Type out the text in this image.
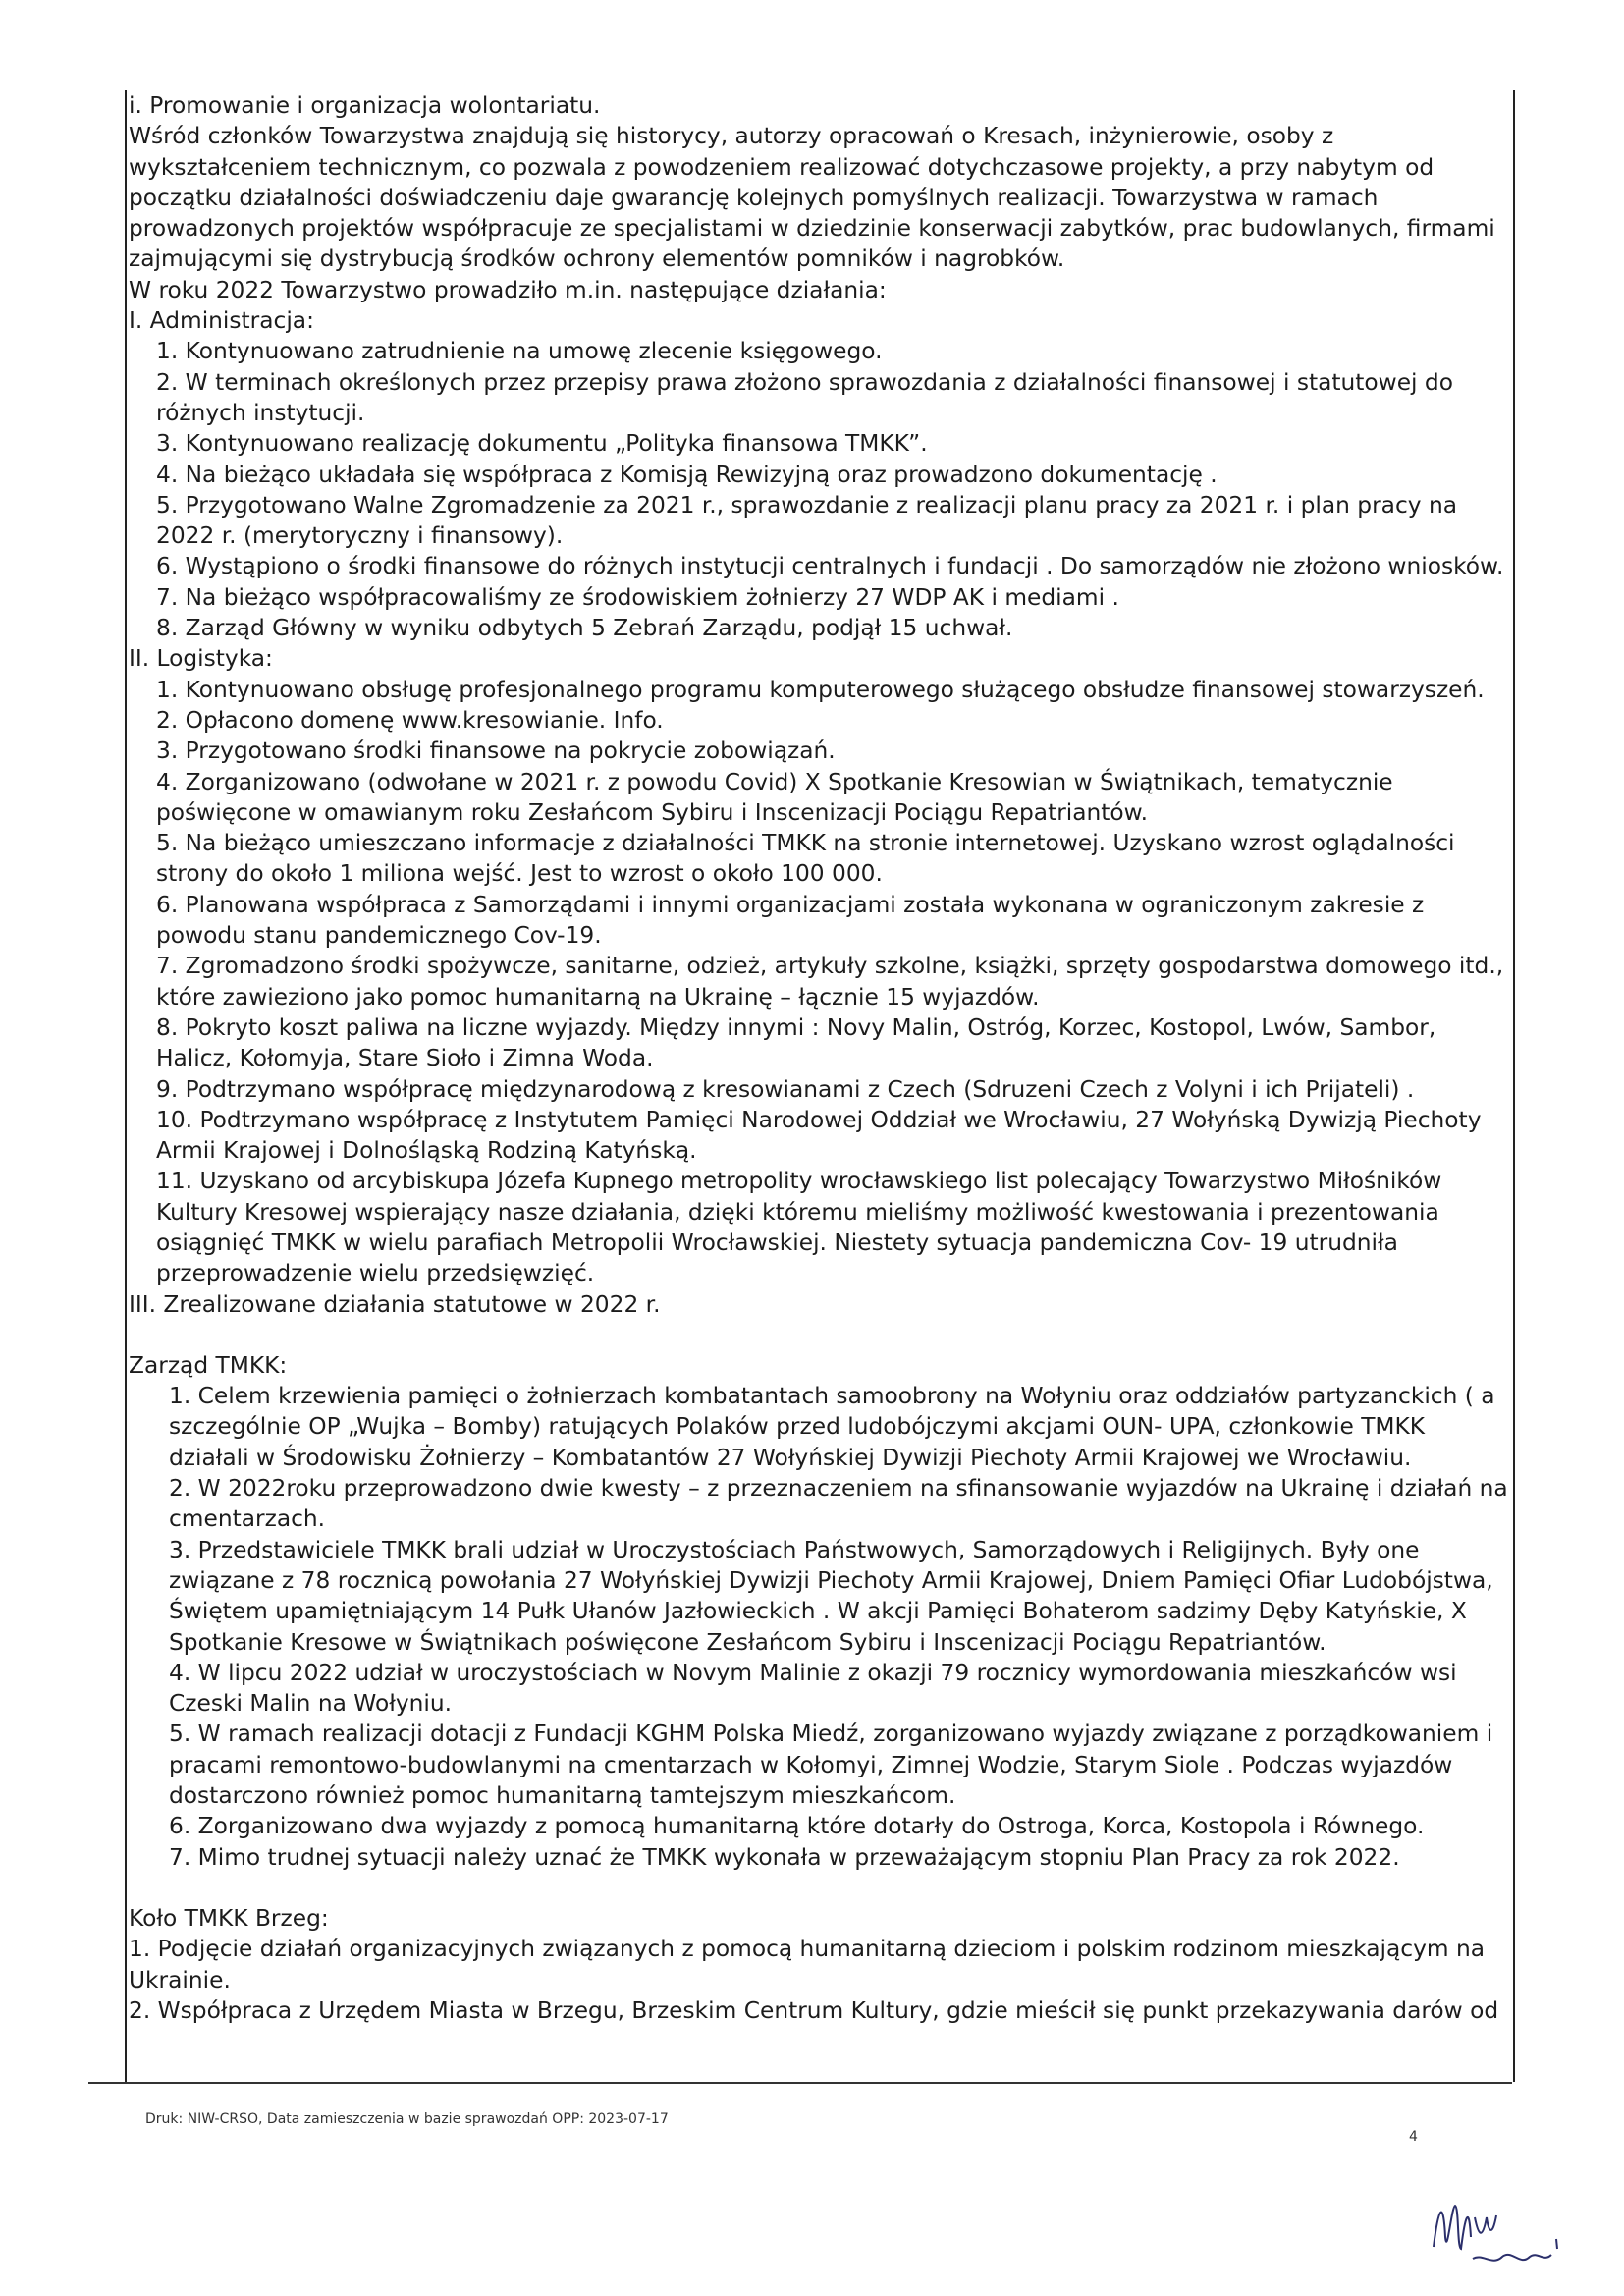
i. Promowanie i organizacja wolontariatu.

Wśród członków Towarzystwa znajdują się historycy, autorzy opracowań o Kresach, inżynierowie, osoby z wykształceniem technicznym, co pozwala z powodzeniem realizować dotychczasowe projekty, a przy nabytym od początku działalności doświadczeniu daje gwarancję kolejnych pomyślnych realizacji. Towarzystwa w ramach prowadzonych projektów współpracuje ze specjalistami w dziedzinie konserwacji zabytków, prac budowlanych, firmami zajmującymi się dystrybucją środków ochrony elementów pomników i nagrobków.

W roku 2022 Towarzystwo prowadziło m.in. następujące działania:

I. Administracja:

1. Kontynuowano zatrudnienie na umowę zlecenie księgowego.

2. W terminach określonych przez przepisy prawa złożono sprawozdania z działalności finansowej i statutowej do różnych instytucji.

3. Kontynuowano realizację dokumentu „Polityka finansowa TMKK”.

4. Na bieżąco układała się współpraca z Komisją Rewizyjną oraz prowadzono dokumentację .

5. Przygotowano Walne Zgromadzenie za 2021 r., sprawozdanie z realizacji planu pracy za 2021 r. i plan pracy na 2022 r. (merytoryczny i finansowy).

6. Wystąpiono o środki finansowe do różnych instytucji centralnych i fundacji . Do samorządów nie złożono wniosków.

7. Na bieżąco współpracowaliśmy ze środowiskiem żołnierzy 27 WDP AK i mediami .

8. Zarząd Główny w wyniku odbytych 5 Zebrań Zarządu, podjął 15 uchwał.

II. Logistyka:

1. Kontynuowano obsługę profesjonalnego programu komputerowego służącego obsłudze finansowej stowarzyszeń.

2. Opłacono domenę www.kresowianie. Info.

3. Przygotowano środki finansowe na pokrycie zobowiązań.

4. Zorganizowano (odwołane w 2021 r. z powodu Covid) X Spotkanie Kresowian w Świątnikach, tematycznie poświęcone w omawianym roku Zesłańcom Sybiru i Inscenizacji Pociągu Repatriantów.

5. Na bieżąco umieszczano informacje z działalności TMKK na stronie internetowej. Uzyskano wzrost oglądalności strony do około 1 miliona wejść. Jest to wzrost o około 100 000.

6. Planowana współpraca z Samorządami i innymi organizacjami została wykonana w ograniczonym zakresie z powodu stanu pandemicznego Cov-19.

7. Zgromadzono środki spożywcze, sanitarne, odzież, artykuły szkolne, książki, sprzęty gospodarstwa domowego itd., które zawieziono jako pomoc humanitarną na Ukrainę – łącznie 15 wyjazdów.

8. Pokryto koszt paliwa na liczne wyjazdy. Między innymi : Novy Malin, Ostróg, Korzec, Kostopol, Lwów, Sambor, Halicz, Kołomyja, Stare Sioło i Zimna Woda.

9. Podtrzymano współpracę międzynarodową z kresowianami z Czech (Sdruzeni Czech z Volyni i ich Prijateli) .

10. Podtrzymano współpracę z Instytutem Pamięci Narodowej Oddział we Wrocławiu, 27 Wołyńską Dywizją Piechoty Armii Krajowej i Dolnośląską Rodziną Katyńską.

11. Uzyskano od arcybiskupa Józefa Kupnego metropolity wrocławskiego list polecający Towarzystwo Miłośników Kultury Kresowej wspierający nasze działania, dzięki któremu mieliśmy możliwość kwestowania i prezentowania osiągnięć TMKK w wielu parafiach Metropolii Wrocławskiej. Niestety sytuacja pandemiczna Cov- 19 utrudniła przeprowadzenie wielu przedsięwzięć.

III. Zrealizowane działania statutowe w 2022 r.

Zarząd TMKK:

1. Celem krzewienia pamięci o żołnierzach kombatantach samoobrony na Wołyniu oraz oddziałów partyzanckich ( a szczególnie OP „Wujka – Bomby) ratujących Polaków przed ludobójczymi akcjami OUN- UPA, członkowie TMKK działali w Środowisku Żołnierzy – Kombatantów 27 Wołyńskiej Dywizji Piechoty Armii Krajowej we Wrocławiu.

2. W 2022roku przeprowadzono dwie kwesty – z przeznaczeniem na sfinansowanie wyjazdów na Ukrainę i działań na cmentarzach.

3. Przedstawiciele TMKK brali udział w Uroczystościach Państwowych, Samorządowych i Religijnych. Były one związane z 78 rocznicą powołania 27 Wołyńskiej Dywizji Piechoty Armii Krajowej, Dniem Pamięci Ofiar Ludobójstwa, Świętem upamiętniającym 14 Pułk Ułanów Jazłowieckich . W akcji Pamięci Bohaterom sadzimy Dęby Katyńskie, X Spotkanie Kresowe w Świątnikach poświęcone Zesłańcom Sybiru i Inscenizacji Pociągu Repatriantów.

4. W lipcu 2022 udział w uroczystościach w Novym Malinie z okazji 79 rocznicy wymordowania mieszkańców wsi Czeski Malin na Wołyniu.

5. W ramach realizacji dotacji z Fundacji KGHM Polska Miedź, zorganizowano wyjazdy związane z porządkowaniem i pracami remontowo-budowlanymi na cmentarzach w Kołomyi, Zimnej Wodzie, Starym Siole . Podczas wyjazdów dostarczono również pomoc humanitarną tamtejszym mieszkańcom.

6. Zorganizowano dwa wyjazdy z pomocą humanitarną które dotarły do Ostroga, Korca, Kostopola i Równego.

7. Mimo trudnej sytuacji należy uznać że TMKK wykonała w przeważającym stopniu Plan Pracy za rok 2022.

Koło TMKK Brzeg:

1. Podjęcie działań organizacyjnych związanych z pomocą humanitarną dzieciom i polskim rodzinom mieszkającym na Ukrainie.

2. Współpraca z Urzędem Miasta w Brzegu, Brzeskim Centrum Kultury, gdzie mieścił się punkt przekazywania darów od

Druk: NIW-CRSO, Data zamieszczenia w bazie sprawozdań OPP: 2023-07-17
4
